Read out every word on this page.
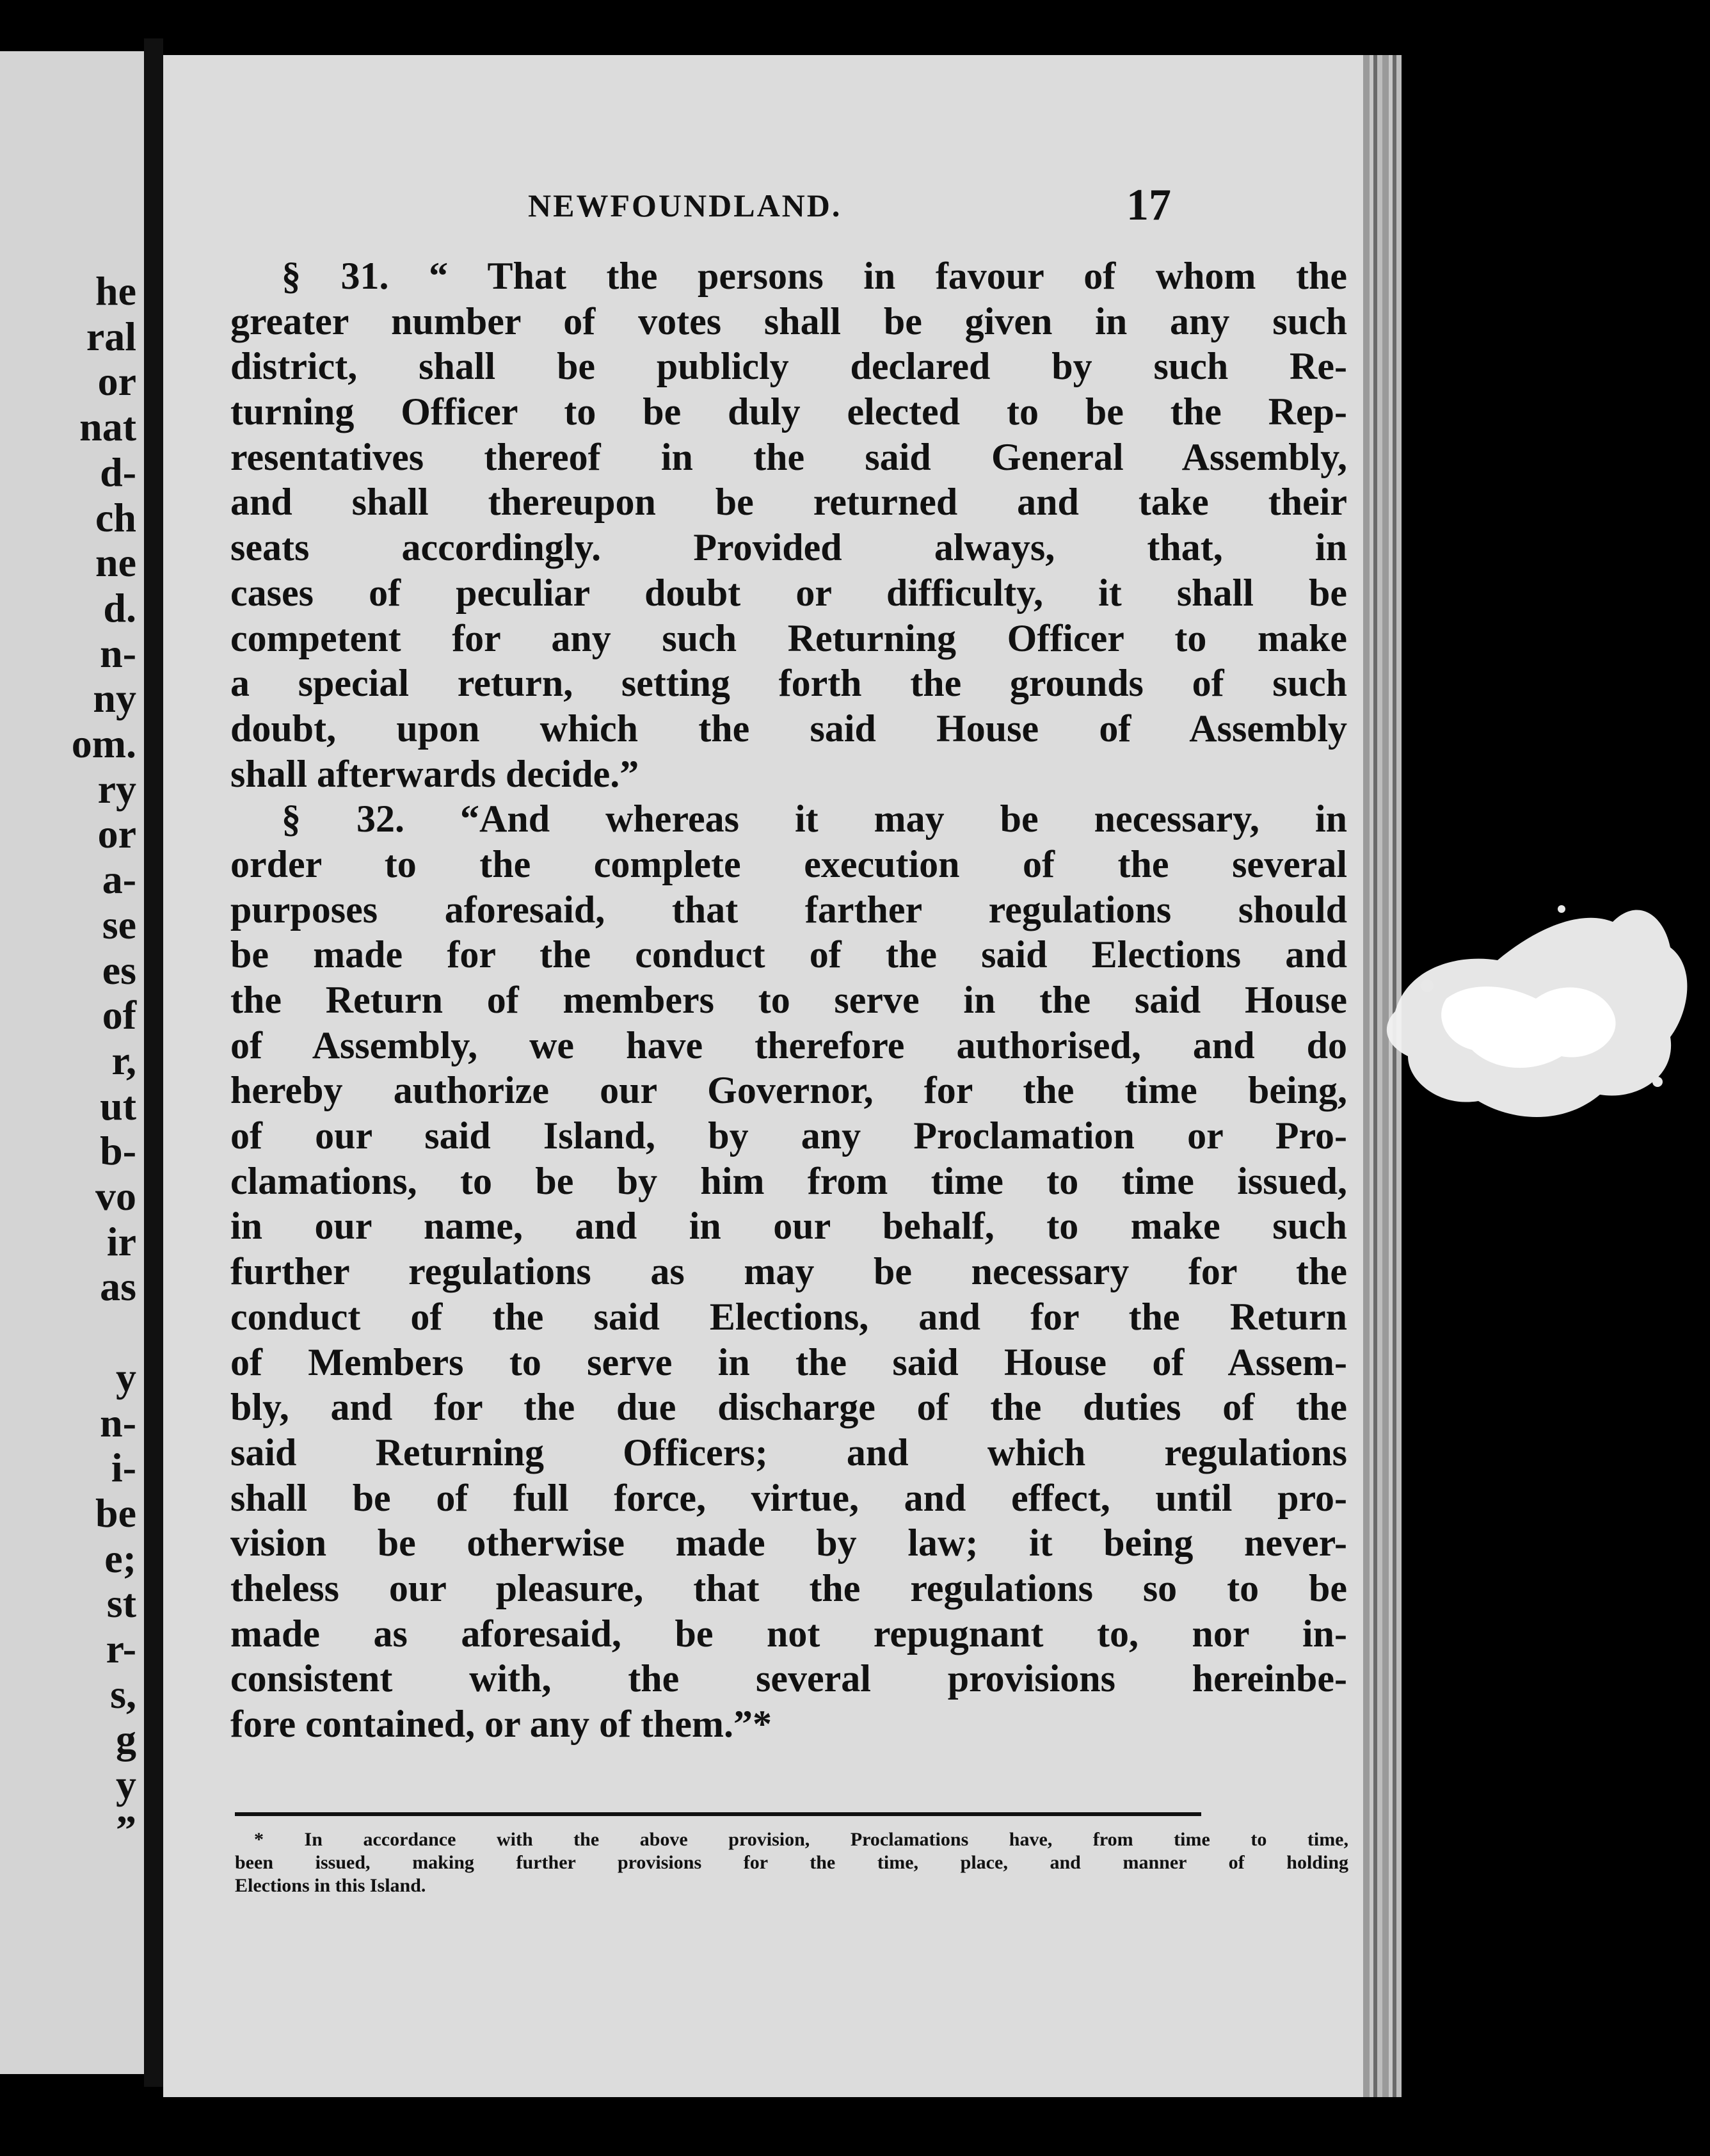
he
ral
or
nat
d-
ch
ne
d.
n-
ny
om.
ry
or
a-
se
es
of
r,
ut
b-
vo
ir
as
y
n-
i-
be
e;
st
r-
s,
g
y
”
NEWFOUNDLAND.	17
§ 31. “ That the persons in favour of whom the
greater number of votes shall be given in any such
district, shall be publicly declared by such Re-
turning Officer to be duly elected to be the Rep-
resentatives thereof in the said General Assembly,
and shall thereupon be returned and take their
seats accordingly. Provided always, that, in
cases of peculiar doubt or difficulty, it shall be
competent for any such Returning Officer to make
a special return, setting forth the grounds of such
doubt, upon which the said House of Assembly
shall afterwards decide.”
§ 32. “And whereas it may be necessary, in
order to the complete execution of the several
purposes aforesaid, that farther regulations should
be made for the conduct of the said Elections and
the Return of members to serve in the said House
of Assembly, we have therefore authorised, and do
hereby authorize our Governor, for the time being,
of our said Island, by any Proclamation or Pro-
clamations, to be by him from time to time issued,
in our name, and in our behalf, to make such
further regulations as may be necessary for the
conduct of the said Elections, and for the Return
of Members to serve in the said House of Assem-
bly, and for the due discharge of the duties of the
said Returning Officers; and which regulations
shall be of full force, virtue, and effect, until pro-
vision be otherwise made by law; it being never-
theless our pleasure, that the regulations so to be
made as aforesaid, be not repugnant to, nor in-
consistent with, the several provisions hereinbe-
fore contained, or any of them.”*
* In accordance with the above provision, Proclamations have, from time to time,
been issued, making further provisions for the time, place, and manner of holding
Elections in this Island.
